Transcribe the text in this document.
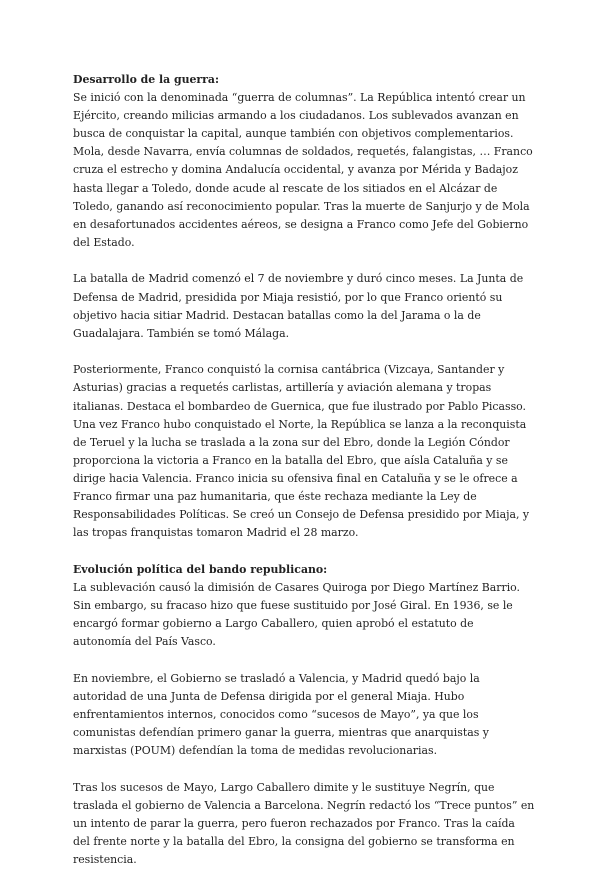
Desarrollo de la guerra:

Se inició con la denominada “guerra de columnas”. La República intentó crear un Ejército, creando milicias armando a los ciudadanos. Los sublevados avanzan en busca de conquistar la capital, aunque también con objetivos complementarios. Mola, desde Navarra, envía columnas de soldados, requetés, falangistas, … Franco cruza el estrecho y domina Andalucía occidental, y avanza por Mérida y Badajoz hasta llegar a Toledo, donde acude al rescate de los sitiados en el Alcázar de Toledo, ganando así reconocimiento popular. Tras la muerte de Sanjurjo y de Mola en desafortunados accidentes aéreos, se designa a Franco como Jefe del Gobierno del Estado.

La batalla de Madrid comenzó el 7 de noviembre y duró cinco meses. La Junta de Defensa de Madrid, presidida por Miaja resistió, por lo que Franco orientó su objetivo hacia sitiar Madrid. Destacan batallas como la del Jarama o la de Guadalajara. También se tomó Málaga.

Posteriormente, Franco conquistó la cornisa cantábrica (Vizcaya, Santander y Asturias) gracias a requetés carlistas, artillería y aviación alemana y tropas italianas. Destaca el bombardeo de Guernica, que fue ilustrado por Pablo Picasso. Una vez Franco hubo conquistado el Norte, la República se lanza a la reconquista de Teruel y la lucha se traslada a la zona sur del Ebro, donde la Legión Cóndor proporciona la victoria a Franco en la batalla del Ebro, que aísla Cataluña y se dirige hacia Valencia. Franco inicia su ofensiva final en Cataluña y se le ofrece a Franco firmar una paz humanitaria, que éste rechaza mediante la Ley de Responsabilidades Políticas. Se creó un Consejo de Defensa presidido por Miaja, y las tropas franquistas tomaron Madrid el 28 marzo.

Evolución política del bando republicano:

La sublevación causó la dimisión de Casares Quiroga por Diego Martínez Barrio. Sin embargo, su fracaso hizo que fuese sustituido por José Giral. En 1936, se le encargó formar gobierno a Largo Caballero, quien aprobó el estatuto de autonomía del País Vasco.

En noviembre, el Gobierno se trasladó a Valencia, y Madrid quedó bajo la autoridad de una Junta de Defensa dirigida por el general Miaja. Hubo enfrentamientos internos, conocidos como “sucesos de Mayo”, ya que los comunistas defendían primero ganar la guerra, mientras que anarquistas y marxistas (POUM) defendían la toma de medidas revolucionarias.

Tras los sucesos de Mayo, Largo Caballero dimite y le sustituye Negrín, que traslada el gobierno de Valencia a Barcelona. Negrín redactó los “Trece puntos” en un intento de parar la guerra, pero fueron rechazados por Franco. Tras la caída del frente norte y la batalla del Ebro, la consigna del gobierno se transforma en resistencia.
